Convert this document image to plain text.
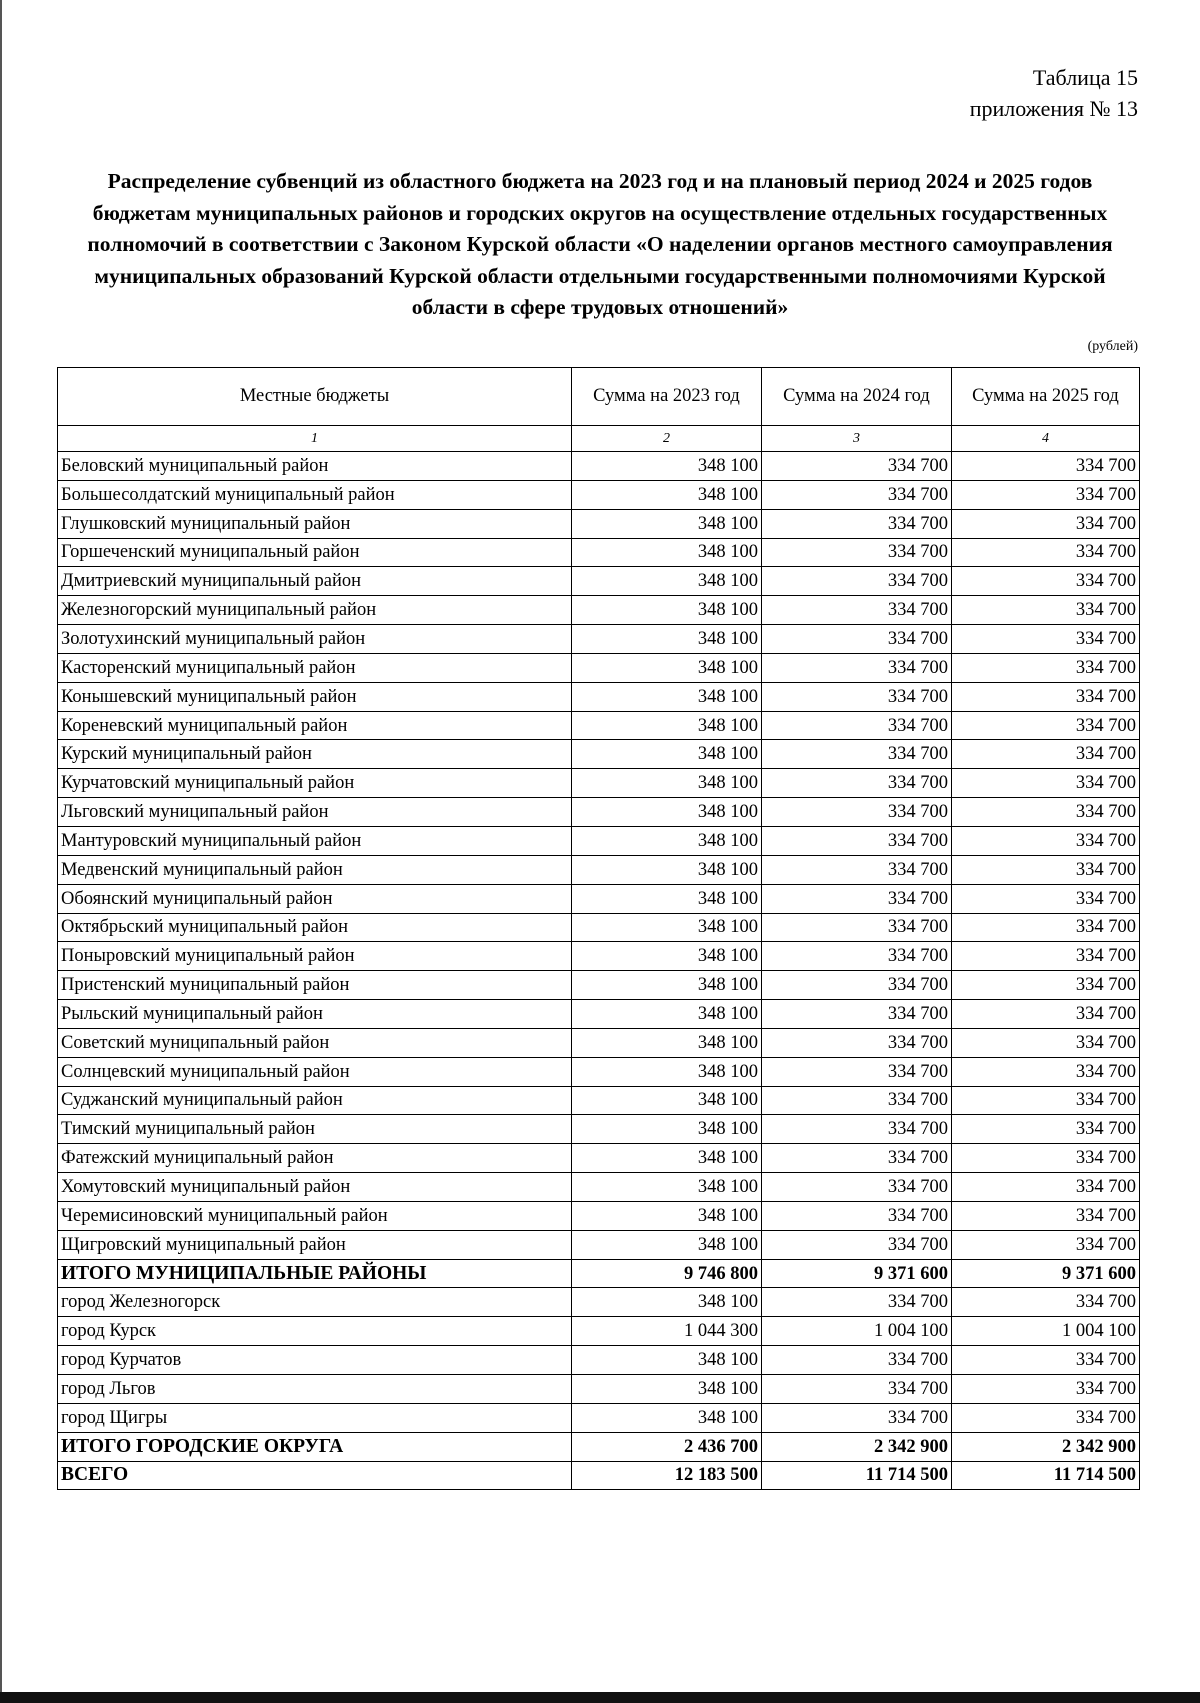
Таблица 15
приложения № 13
Распределение субвенций из областного бюджета на 2023 год и на плановый период 2024 и 2025 годов бюджетам муниципальных районов и городских округов на осуществление отдельных государственных полномочий в соответствии с Законом Курской области «О наделении органов местного самоуправления муниципальных образований Курской области отдельными государственными полномочиями Курской области в сфере трудовых отношений»
(рублей)
Местные бюджеты	Сумма на 2023 год	Сумма на 2024 год	Сумма на 2025 год
1	2	3	4
Беловский муниципальный район	348 100	334 700	334 700
Большесолдатский муниципальный район	348 100	334 700	334 700
Глушковский муниципальный район	348 100	334 700	334 700
Горшеченский муниципальный район	348 100	334 700	334 700
Дмитриевский муниципальный район	348 100	334 700	334 700
Железногорский муниципальный район	348 100	334 700	334 700
Золотухинский муниципальный район	348 100	334 700	334 700
Касторенский муниципальный район	348 100	334 700	334 700
Конышевский муниципальный район	348 100	334 700	334 700
Кореневский муниципальный район	348 100	334 700	334 700
Курский муниципальный район	348 100	334 700	334 700
Курчатовский муниципальный район	348 100	334 700	334 700
Льговский муниципальный район	348 100	334 700	334 700
Мантуровский муниципальный район	348 100	334 700	334 700
Медвенский муниципальный район	348 100	334 700	334 700
Обоянский муниципальный район	348 100	334 700	334 700
Октябрьский муниципальный район	348 100	334 700	334 700
Поныровский муниципальный район	348 100	334 700	334 700
Пристенский муниципальный район	348 100	334 700	334 700
Рыльский муниципальный район	348 100	334 700	334 700
Советский муниципальный район	348 100	334 700	334 700
Солнцевский муниципальный район	348 100	334 700	334 700
Суджанский муниципальный район	348 100	334 700	334 700
Тимский муниципальный район	348 100	334 700	334 700
Фатежский муниципальный район	348 100	334 700	334 700
Хомутовский муниципальный район	348 100	334 700	334 700
Черемисиновский муниципальный район	348 100	334 700	334 700
Щигровский муниципальный район	348 100	334 700	334 700
ИТОГО МУНИЦИПАЛЬНЫЕ РАЙОНЫ	9 746 800	9 371 600	9 371 600
город Железногорск	348 100	334 700	334 700
город Курск	1 044 300	1 004 100	1 004 100
город Курчатов	348 100	334 700	334 700
город Льгов	348 100	334 700	334 700
город Щигры	348 100	334 700	334 700
ИТОГО ГОРОДСКИЕ ОКРУГА	2 436 700	2 342 900	2 342 900
ВСЕГО	12 183 500	11 714 500	11 714 500
